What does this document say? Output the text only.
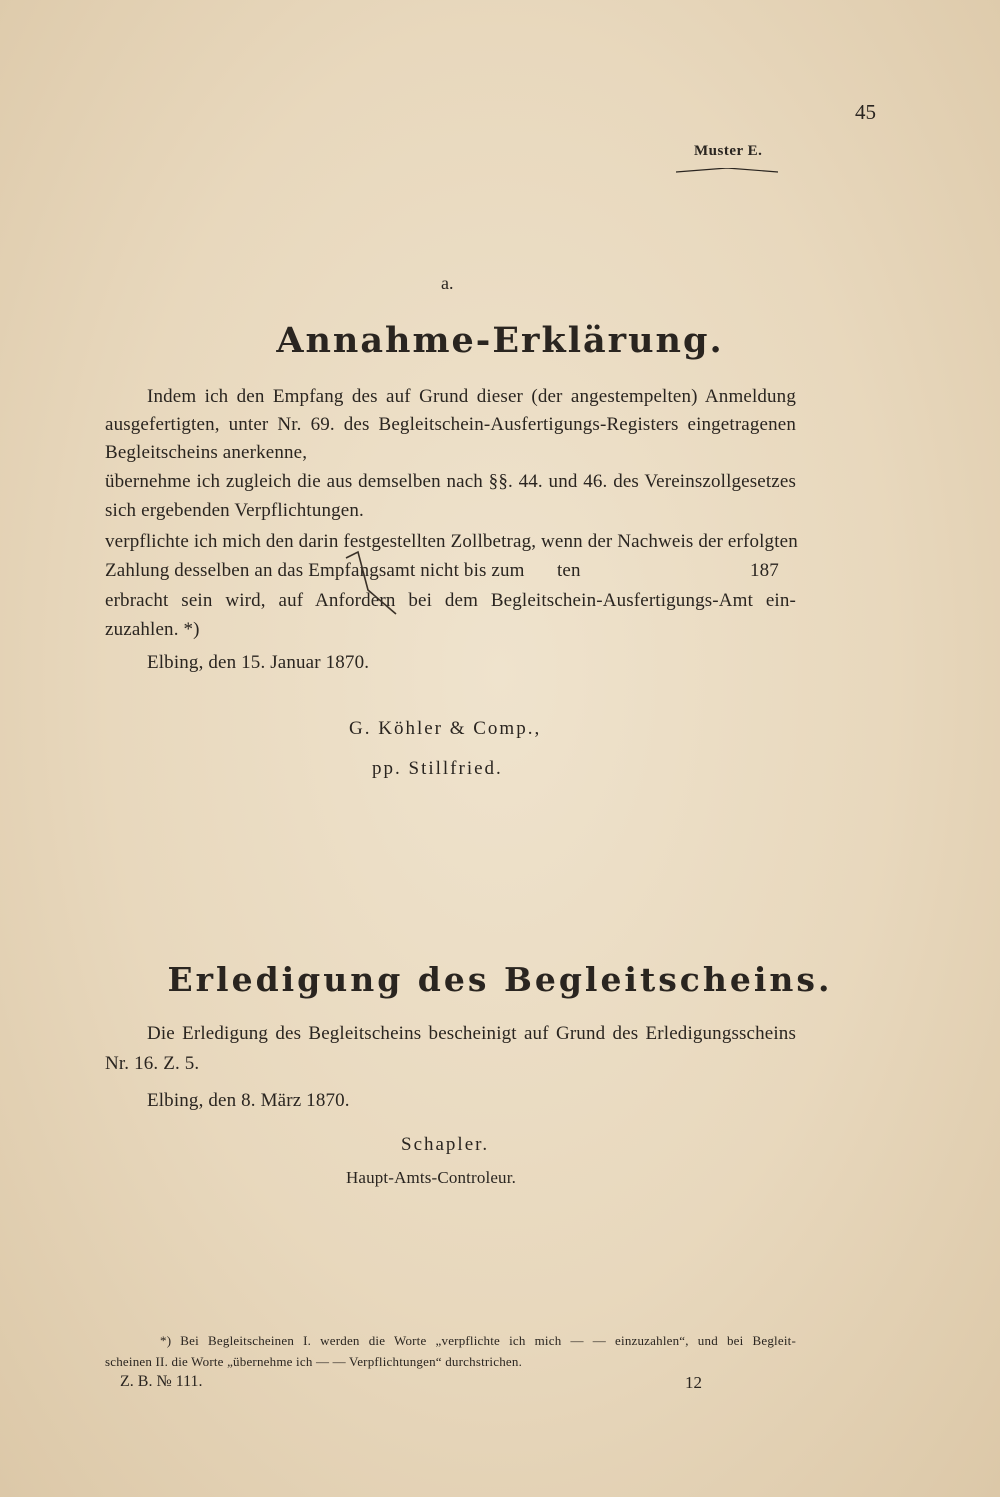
45
Muster E.
a.
Annahme-Erklärung.
Indem ich den Empfang des auf Grund dieser (der angestempelten) Anmeldung
ausgefertigten, unter Nr. 69. des Begleitschein-Ausfertigungs-Registers eingetragenen
Begleitscheins anerkenne,
übernehme ich zugleich die aus demselben nach §§. 44. und 46. des Vereinszollgesetzes
sich ergebenden Verpflichtungen.
verpflichte ich mich den darin festgestellten Zollbetrag, wenn der Nachweis der erfolgten
Zahlung desselben an das Empfangsamt nicht bis zum ten	187
erbracht sein wird, auf Anfordern bei dem Begleitschein-Ausfertigungs-Amt ein-
zuzahlen. *)
Elbing, den 15. Januar 1870.
G. Köhler & Comp.,
pp. Stillfried.
Erledigung des Begleitscheins.
Die Erledigung des Begleitscheins bescheinigt auf Grund des Erledigungsscheins
Nr. 16. Z. 5.
Elbing, den 8. März 1870.
Schapler.
Haupt-Amts-Controleur.
*) Bei Begleitscheinen I. werden die Worte „verpflichte ich mich — — einzuzahlen“, und bei Begleit-
scheinen II. die Worte „übernehme ich — — Verpflichtungen“ durchstrichen.
Z. B. № 111.	12
